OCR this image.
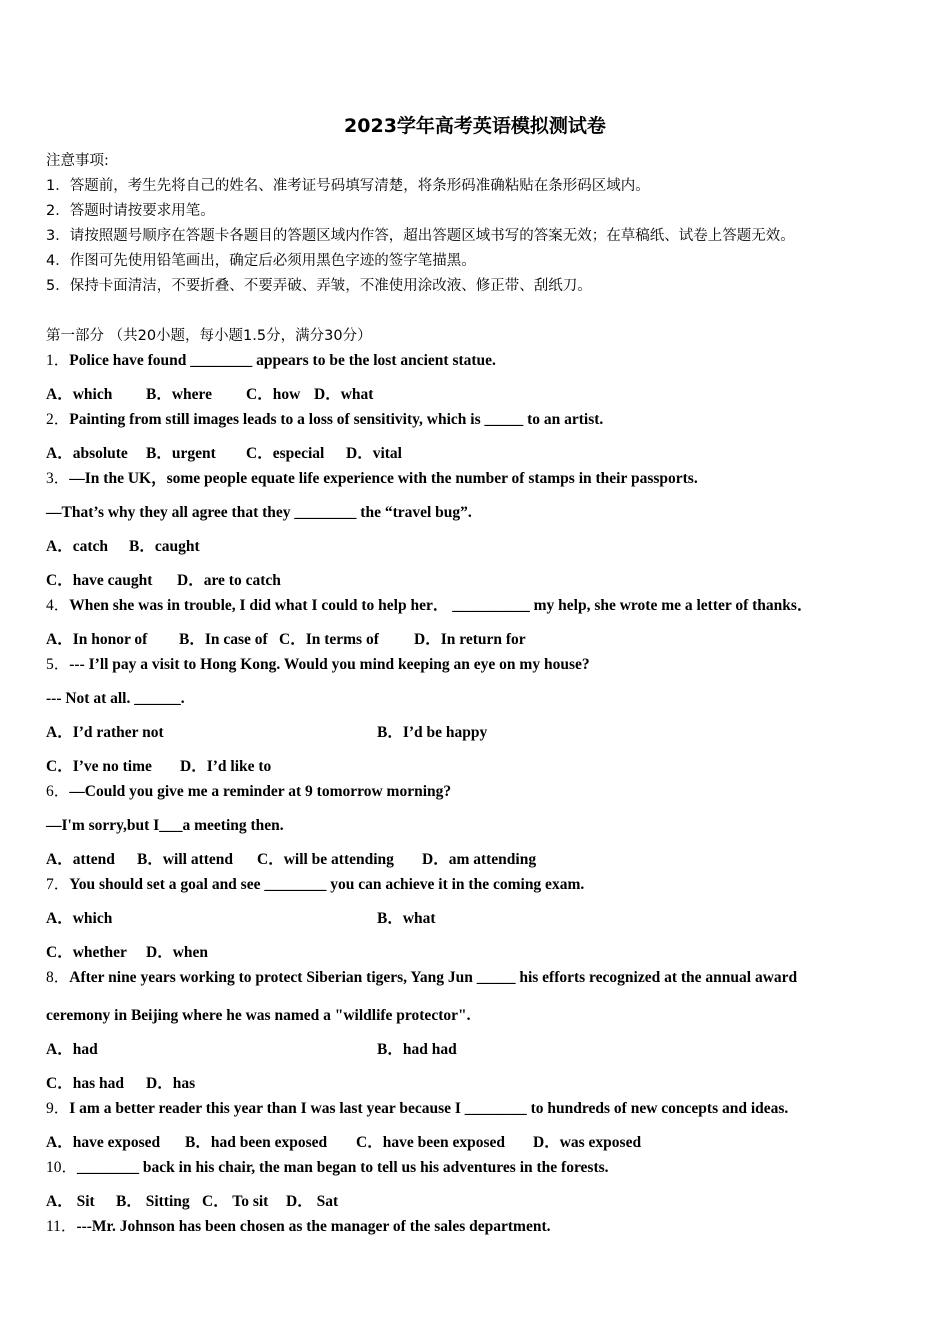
2023学年高考英语模拟测试卷

注意事项:

1．答题前，考生先将自己的姓名、准考证号码填写清楚，将条形码准确粘贴在条形码区域内。

2．答题时请按要求用笔。

3．请按照题号顺序在答题卡各题目的答题区域内作答，超出答题区域书写的答案无效；在草稿纸、试卷上答题无效。

4．作图可先使用铅笔画出，确定后必须用黑色字迹的签字笔描黑。

5．保持卡面清洁，不要折叠、不要弄破、弄皱，不准使用涂改液、修正带、刮纸刀。

第一部分 （共20小题，每小题1.5分，满分30分）

1．Police have found ________ appears to be the lost ancient statue.

A．which B．where C．how D．what

2．Painting from still images leads to a loss of sensitivity, which is _____ to an artist.

A．absolute B．urgent C．especial D．vital

3．—In the UK，some people equate life experience with the number of stamps in their passports.

—That’s why they all agree that they ________ the “travel bug”.

A．catch B．caught

C．have caught D．are to catch

4．When she was in trouble, I did what I could to help her． __________ my help, she wrote me a letter of thanks．

A．In honor of B．In case of C．In terms of D．In return for

5．--- I’ll pay a visit to Hong Kong. Would you mind keeping an eye on my house?

--- Not at all. ______.

A．I’d rather not	B．I’d be happy

C．I’ve no time D．I’d like to

6．—Could you give me a reminder at 9 tomorrow morning?

—I'm sorry,but I___a meeting then.

A．attend B．will attend C．will be attending D．am attending

7．You should set a goal and see ________ you can achieve it in the coming exam.

A．which	B．what

C．whether D．when

8．After nine years working to protect Siberian tigers, Yang Jun _____ his efforts recognized at the annual award

ceremony in Beijing where he was named a "wildlife protector".

A．had	B．had had

C．has had D．has

9．I am a better reader this year than I was last year because I ________ to hundreds of new concepts and ideas.

A．have exposed B．had been exposed C．have been exposed D．was exposed

10．________ back in his chair, the man began to tell us his adventures in the forests.

A． Sit B． Sitting C． To sit D． Sat

11．---Mr. Johnson has been chosen as the manager of the sales department.
